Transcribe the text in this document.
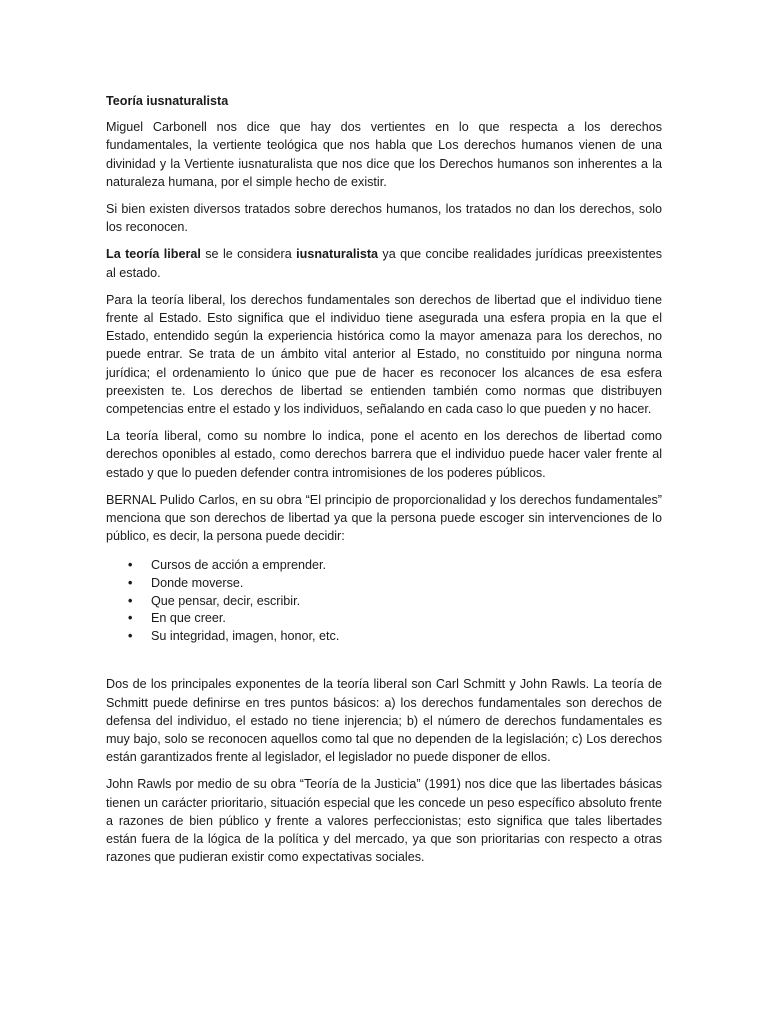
Teoría iusnaturalista

Miguel Carbonell nos dice que hay dos vertientes en lo que respecta a los derechos fundamentales, la vertiente teológica que nos habla que Los derechos humanos vienen de una divinidad y la Vertiente iusnaturalista que nos dice que los Derechos humanos son inherentes a la naturaleza humana, por el simple hecho de existir.

Si bien existen diversos tratados sobre derechos humanos, los tratados no dan los derechos, solo los reconocen.

La teoría liberal se le considera iusnaturalista ya que concibe realidades jurídicas preexistentes al estado.

Para la teoría liberal, los derechos fundamentales son derechos de libertad que el individuo tiene frente al Estado. Esto significa que el individuo tiene asegurada una esfera propia en la que el Estado, entendido según la experiencia histórica como la mayor amenaza para los derechos, no puede entrar. Se trata de un ámbito vital anterior al Estado, no constituido por ninguna norma jurídica; el ordenamiento lo único que pue de hacer es reconocer los alcances de esa esfera preexisten te. Los derechos de libertad se entienden también como normas que distribuyen competencias entre el estado y los individuos, señalando en cada caso lo que pueden y no hacer.

La teoría liberal, como su nombre lo indica, pone el acento en los derechos de libertad como derechos oponibles al estado, como derechos barrera que el individuo puede hacer valer frente al estado y que lo pueden defender contra intromisiones de los poderes públicos.

BERNAL Pulido Carlos, en su obra “El principio de proporcionalidad y los derechos fundamentales” menciona que son derechos de libertad ya que la persona puede escoger sin intervenciones de lo público, es decir, la persona puede decidir:

• Cursos de acción a emprender.
• Donde moverse.
• Que pensar, decir, escribir.
• En que creer.
• Su integridad, imagen, honor, etc.

Dos de los principales exponentes de la teoría liberal son Carl Schmitt y John Rawls. La teoría de Schmitt puede definirse en tres puntos básicos: a) los derechos fundamentales son derechos de defensa del individuo, el estado no tiene injerencia; b) el número de derechos fundamentales es muy bajo, solo se reconocen aquellos como tal que no dependen de la legislación; c) Los derechos están garantizados frente al legislador, el legislador no puede disponer de ellos.

John Rawls por medio de su obra “Teoría de la Justicia” (1991) nos dice que las libertades básicas tienen un carácter prioritario, situación especial que les concede un peso específico absoluto frente a razones de bien público y frente a valores perfeccionistas; esto significa que tales libertades están fuera de la lógica de la política y del mercado, ya que son prioritarias con respecto a otras razones que pudieran existir como expectativas sociales.
